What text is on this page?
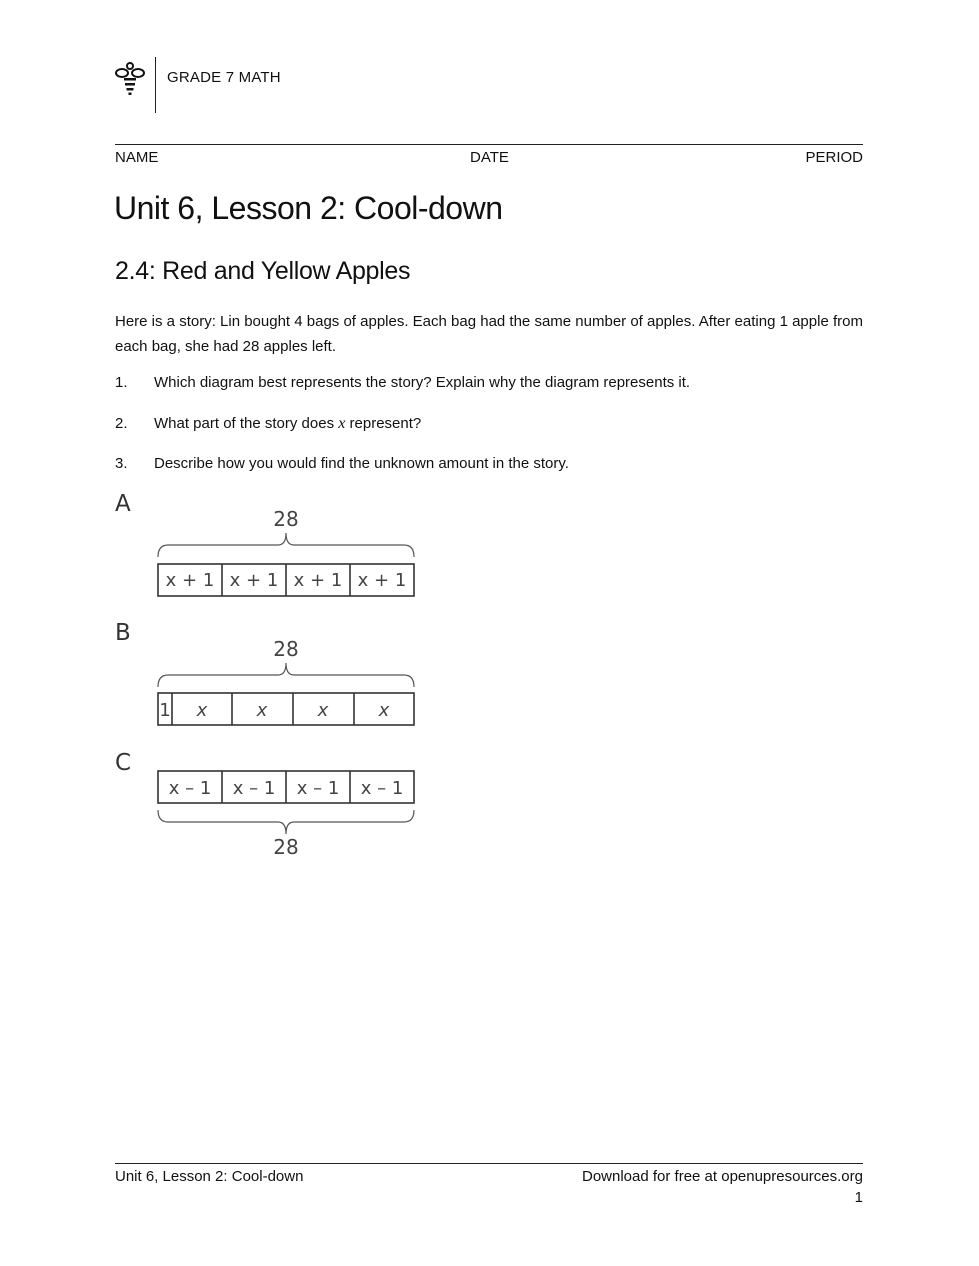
GRADE 7 MATH
NAME	DATE	PERIOD
Unit 6, Lesson 2: Cool-down
2.4: Red and Yellow Apples
Here is a story: Lin bought 4 bags of apples. Each bag had the same number of apples. After eating 1 apple from each bag, she had 28 apples left.
1. Which diagram best represents the story? Explain why the diagram represents it.
2. What part of the story does x represent?
3. Describe how you would find the unknown amount in the story.
A
28
x + 1 x + 1 x + 1 x + 1
B
28
1 x	x	x	x
C
x – 1 x – 1 x – 1 x – 1
28
Unit 6, Lesson 2: Cool-down	Download for free at openupresources.org
1
